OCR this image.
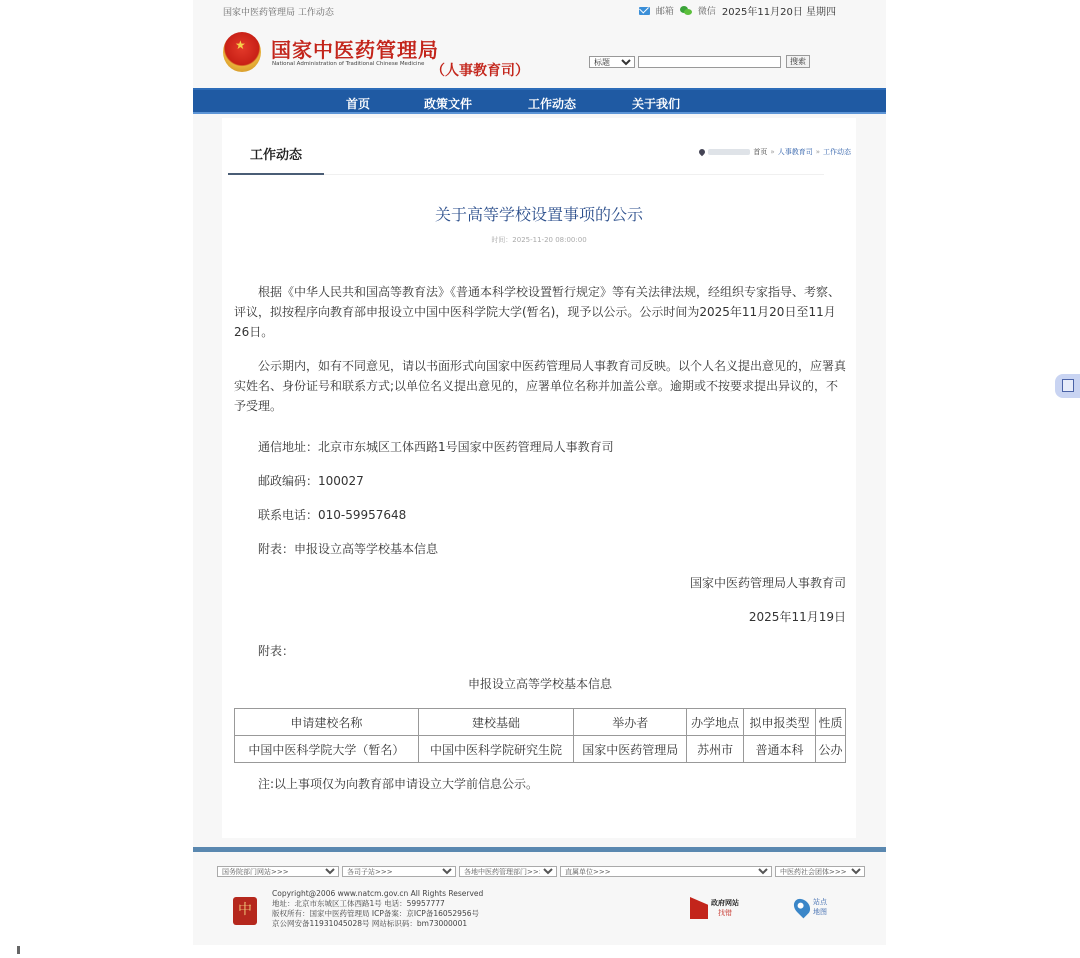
国家中医药管理局 工作动态	邮箱	微信 2025年11月20日 星期四
★
国家中医药管理局
National Administration of Traditional Chinese Medicine （人事教育司）
标题
搜索
首页	政策文件	工作动态	关于我们
工作动态	首页 » 人事教育司 » 工作动态
关于高等学校设置事项的公示
时间：2025-11-20 08:00:00

根据《中华人民共和国高等教育法》《普通本科学校设置暂行规定》等有关法律法规，经组织专家指导、考察、评议，拟按程序向教育部申报设立中国中医科学院大学(暂名)，现予以公示。公示时间为2025年11月20日至11月26日。

公示期内，如有不同意见，请以书面形式向国家中医药管理局人事教育司反映。以个人名义提出意见的，应署真实姓名、身份证号和联系方式;以单位名义提出意见的，应署单位名称并加盖公章。逾期或不按要求提出异议的，不予受理。

通信地址：北京市东城区工体西路1号国家中医药管理局人事教育司

邮政编码：100027

联系电话：010-59957648

附表：申报设立高等学校基本信息

国家中医药管理局人事教育司

2025年11月19日

附表：

申报设立高等学校基本信息

申请建校名称	建校基础	举办者	办学地点	拟申报类型	性质
中国中医科学院大学（暂名）	中国中医科学院研究生院	国家中医药管理局	苏州市	普通本科	公办

注:以上事项仅为向教育部申请设立大学前信息公示。

国务院部门网站>>>
各司子站>>>
各地中医药管理部门>>>
直属单位>>>
中医药社会团体>>>
中
Copyright@2006 www.natcm.gov.cn All Rights Reserved
地址：北京市东城区工体西路1号 电话：59957777
版权所有：国家中医药管理局 ICP备案：京ICP备16052956号
京公网安备11931045028号 网站标识码：bm73000001
政府网站
找错
站点
地图
